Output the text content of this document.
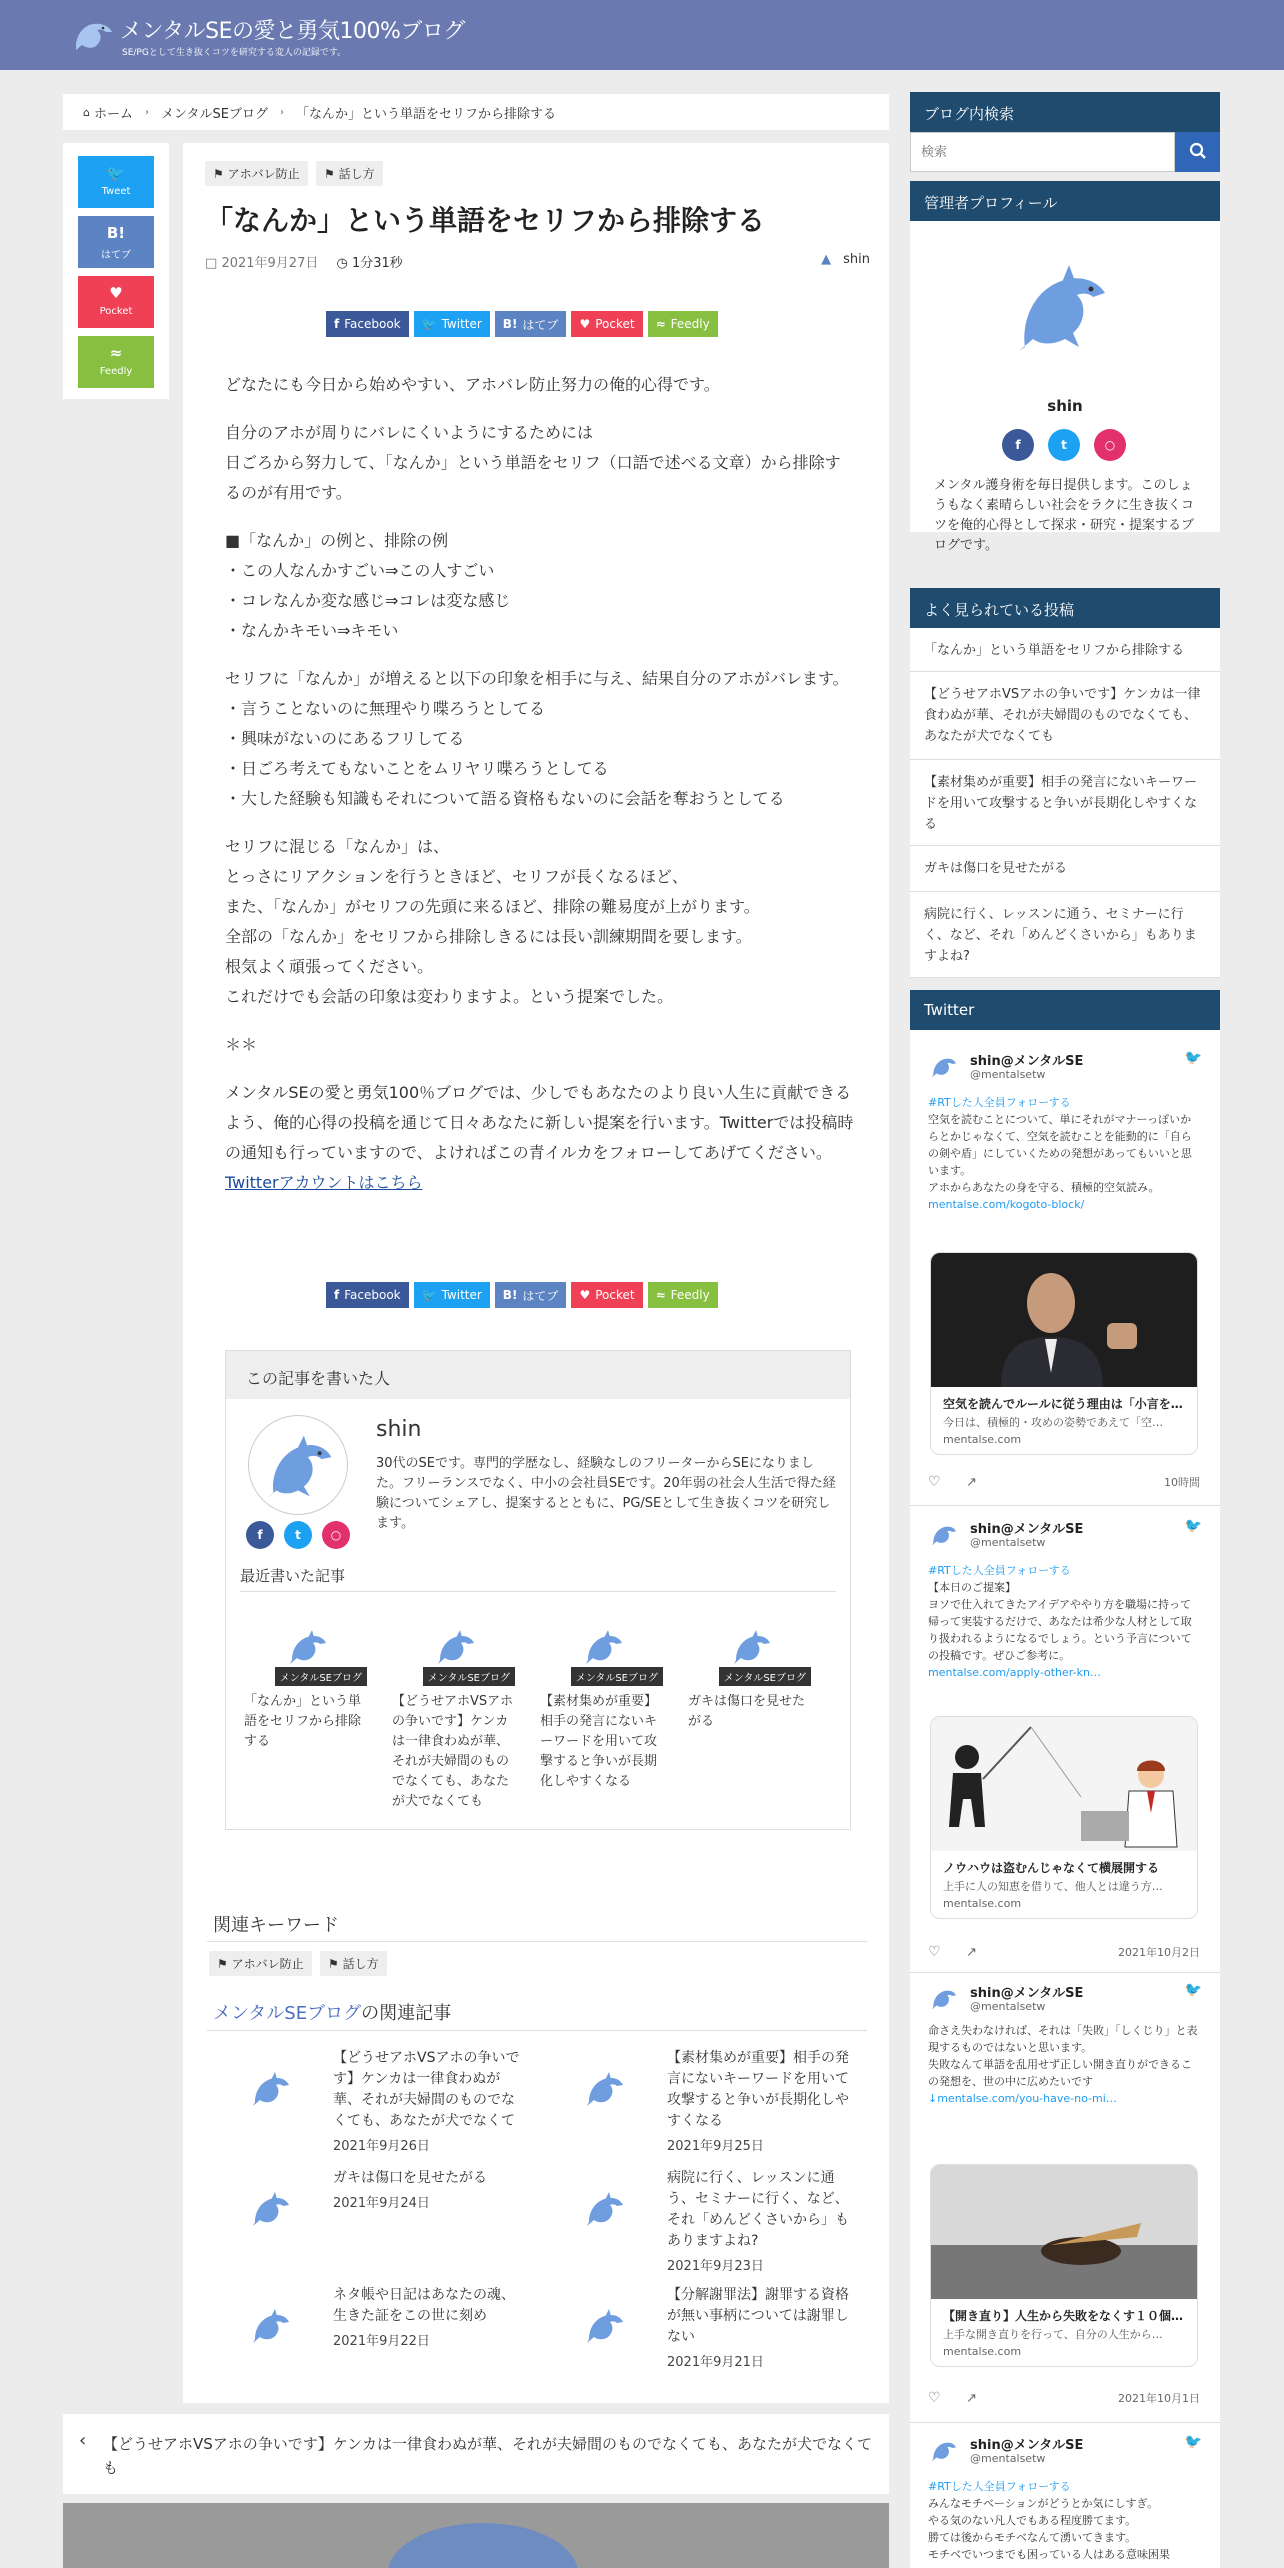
メンタルSEの愛と勇気100%ブログ
SE/PGとして生き抜くコツを研究する変人の記録です。
⌂ ホーム › メンタルSEブログ › 「なんか」という単語をセリフから排除する
🐦
Tweet
B!
はてブ
♥
Pocket
≈
Feedly
⚑ アホバレ防止 ⚑ 話し方
「なんか」という単語をセリフから排除する
□ 2021年9月27日 ◷ 1分31秒	▲ shin
f Facebook 🐦 Twitter B! はてブ ♥ Pocket ≈ Feedly

どなたにも今日から始めやすい、アホバレ防止努力の俺的心得です。

自分のアホが周りにバレにくいようにするためには
日ごろから努力して、「なんか」という単語をセリフ（口語で述べる文章）から排除するのが有用です。

■「なんか」の例と、排除の例
・この人なんかすごい⇒この人すごい
・コレなんか変な感じ⇒コレは変な感じ
・なんかキモい⇒キモい

セリフに「なんか」が増えると以下の印象を相手に与え、結果自分のアホがバレます。
・言うことないのに無理やり喋ろうとしてる
・興味がないのにあるフリしてる
・日ごろ考えてもないことをムリヤリ喋ろうとしてる
・大した経験も知識もそれについて語る資格もないのに会話を奪おうとしてる

セリフに混じる「なんか」は、
とっさにリアクションを行うときほど、セリフが長くなるほど、
また、「なんか」がセリフの先頭に来るほど、排除の難易度が上がります。
全部の「なんか」をセリフから排除しきるには長い訓練期間を要します。
根気よく頑張ってください。
これだけでも会話の印象は変わりますよ。という提案でした。

＊＊

メンタルSEの愛と勇気100％ブログでは、少しでもあなたのより良い人生に貢献できるよう、俺的心得の投稿を通じて日々あなたに新しい提案を行います。Twitterでは投稿時の通知も行っていますので、よければこの青イルカをフォローしてあげてください。Twitterアカウントはこちら

f Facebook 🐦 Twitter B! はてブ ♥ Pocket ≈ Feedly
この記事を書いた人
f	t	○
shin
30代のSEです。専門的学歴なし、経験なしのフリーターからSEになりました。フリーランスでなく、中小の会社員SEです。20年弱の社会人生活で得た経験についてシェアし、提案するとともに、PG/SEとして生き抜くコツを研究します。
最近書いた記事
メンタルSEブログ
「なんか」という単語をセリフから排除する
メンタルSEブログ
【どうせアホVSアホの争いです】ケンカは一律食わぬが華、それが夫婦間のものでなくても、あなたが犬でなくても
メンタルSEブログ
【素材集めが重要】相手の発言にないキーワードを用いて攻撃すると争いが長期化しやすくなる
メンタルSEブログ
ガキは傷口を見せたがる
関連キーワード
⚑ アホバレ防止 ⚑ 話し方
メンタルSEブログの関連記事
【どうせアホVSアホの争いです】ケンカは一律食わぬが華、それが夫婦間のものでなくても、あなたが犬でなくて
2021年9月26日
【素材集めが重要】相手の発言にないキーワードを用いて攻撃すると争いが長期化しやすくなる
2021年9月25日
ガキは傷口を見せたがる
2021年9月24日
病院に行く、レッスンに通う、セミナーに行く、など、それ「めんどくさいから」もありますよね?
2021年9月23日
ネタ帳や日記はあなたの魂、生きた証をこの世に刻め
2021年9月22日
【分解謝罪法】謝罪する資格が無い事柄については謝罪しない
2021年9月21日
‹ 【どうせアホVSアホの争いです】ケンカは一律食わぬが華、それが夫婦間のものでなくても、あなたが犬でなくても
ブログ内検索
検索
管理者プロフィール
shin
f	t	○
メンタル護身術を毎日提供します。このしょうもなく素晴らしい社会をラクに生き抜くコツを俺的心得として探求・研究・提案するブログです。
よく見られている投稿
「なんか」という単語をセリフから排除する
【どうせアホVSアホの争いです】ケンカは一律食わぬが華、それが夫婦間のものでなくても、あなたが犬でなくても
【素材集めが重要】相手の発言にないキーワードを用いて攻撃すると争いが長期化しやすくなる
ガキは傷口を見せたがる
病院に行く、レッスンに通う、セミナーに行く、など、それ「めんどくさいから」もありますよね?
Twitter
shin@メンタルSE
@mentalsetw
🐦
#RTした人全員フォローする
空気を読むことについて、単にそれがマナーっぽいからとかじゃなくて、空気を読むことを能動的に「自らの剣や盾」にしていくための発想があってもいいと思います。
アホからあなたの身を守る、積極的空気読み。
mentalse.com/kogoto-block/
空気を読んでルールに従う理由は「小言を…
今日は、積極的・攻めの姿勢であえて「空…
mentalse.com
♡ ↗	10時間
shin@メンタルSE
@mentalsetw
🐦
#RTした人全員フォローする
【本日のご提案】
ヨソで仕入れてきたアイデアややり方を職場に持って帰って実装するだけで、あなたは希少な人材として取り扱われるようになるでしょう。という予言についての投稿です。ぜひご参考に。
mentalse.com/apply-other-kn…
ノウハウは盗むんじゃなくて横展開する
上手に人の知恵を借りて、他人とは違う方…
mentalse.com
♡ ↗	2021年10月2日
shin@メンタルSE
@mentalsetw
🐦
命さえ失わなければ、それは「失敗」「しくじり」と表現するものではないと思います。
失敗なんて単語を乱用せず正しい開き直りができるこの発想を、世の中に広めたいです
↓mentalse.com/you-have-no-mi…
【開き直り】人生から失敗をなくす１０個…
上手な開き直りを行って、自分の人生から…
mentalse.com
♡ ↗	2021年10月1日
shin@メンタルSE
@mentalsetw
🐦
#RTした人全員フォローする
みんなモチベーションがどうとか気にしすぎ。
やる気のない凡人でもある程度勝てます。
勝ては後からモチベなんて湧いてきます。
モチベでいつまでも困っている人はある意味困果
